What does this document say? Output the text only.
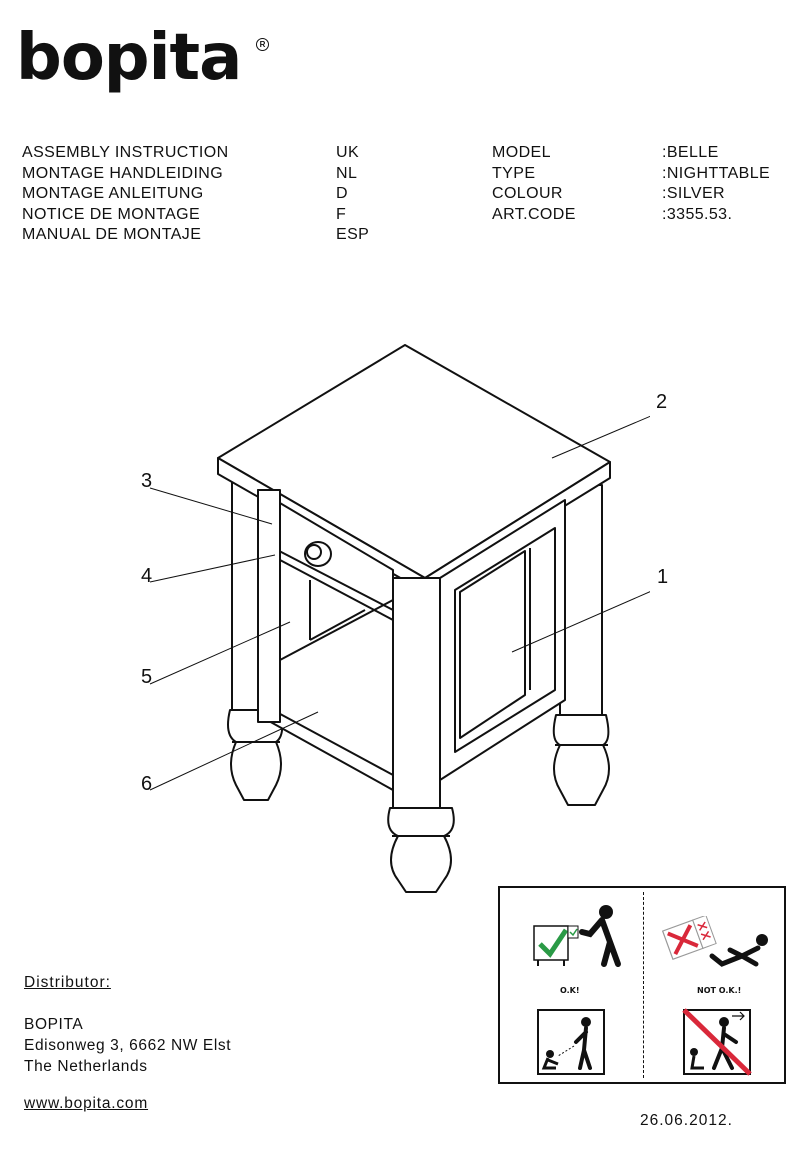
bopita	R
ASSEMBLY INSTRUCTION
MONTAGE HANDLEIDING
MONTAGE ANLEITUNG
NOTICE DE MONTAGE
MANUAL DE MONTAJE
UK
NL
D
F
ESP
MODEL
TYPE
COLOUR
ART.CODE
:BELLE
:NIGHTTABLE
:SILVER
:3355.53.
1
2
3
4
5
6
O.K!	NOT O.K.!
Distributor:
BOPITA
Edisonweg 3, 6662 NW Elst
The Netherlands
www.bopita.com
26.06.2012.
